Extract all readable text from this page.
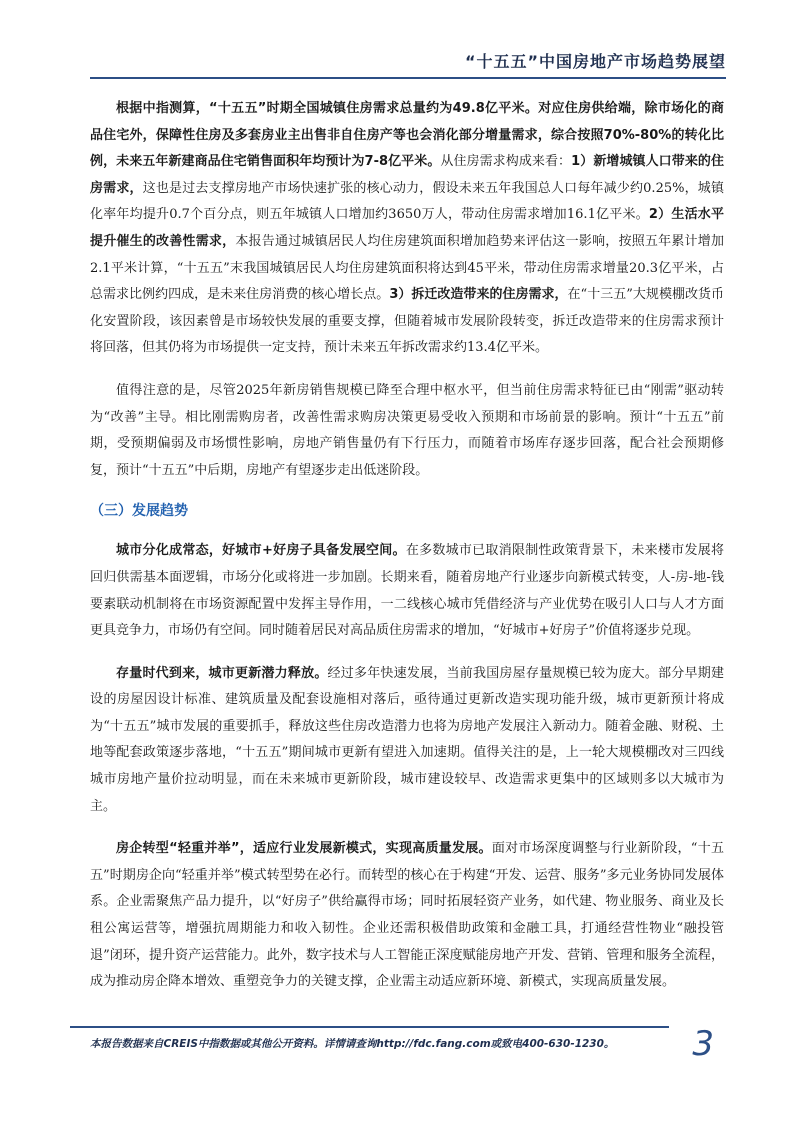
“十五五”中国房地产市场趋势展望

根据中指测算，“十五五”时期全国城镇住房需求总量约为49.8亿平米。对应住房供给端，除市场化的商品住宅外，保障性住房及多套房业主出售非自住房产等也会消化部分增量需求，综合按照70%-80%的转化比例，未来五年新建商品住宅销售面积年均预计为7-8亿平米。从住房需求构成来看：1）新增城镇人口带来的住房需求，这也是过去支撑房地产市场快速扩张的核心动力，假设未来五年我国总人口每年减少约0.25%，城镇化率年均提升0.7个百分点，则五年城镇人口增加约3650万人，带动住房需求增加16.1亿平米。2）生活水平提升催生的改善性需求，本报告通过城镇居民人均住房建筑面积增加趋势来评估这一影响，按照五年累计增加2.1平米计算，“十五五”末我国城镇居民人均住房建筑面积将达到45平米，带动住房需求增量20.3亿平米，占总需求比例约四成，是未来住房消费的核心增长点。3）拆迁改造带来的住房需求，在“十三五”大规模棚改货币化安置阶段，该因素曾是市场较快发展的重要支撑，但随着城市发展阶段转变，拆迁改造带来的住房需求预计将回落，但其仍将为市场提供一定支持，预计未来五年拆改需求约13.4亿平米。

值得注意的是，尽管2025年新房销售规模已降至合理中枢水平，但当前住房需求特征已由“刚需”驱动转为“改善”主导。相比刚需购房者，改善性需求购房决策更易受收入预期和市场前景的影响。预计“十五五”前期，受预期偏弱及市场惯性影响，房地产销售量仍有下行压力，而随着市场库存逐步回落，配合社会预期修复，预计“十五五”中后期，房地产有望逐步走出低迷阶段。

（三）发展趋势

城市分化成常态，好城市+好房子具备发展空间。在多数城市已取消限制性政策背景下，未来楼市发展将回归供需基本面逻辑，市场分化或将进一步加剧。长期来看，随着房地产行业逐步向新模式转变，人-房-地-钱要素联动机制将在市场资源配置中发挥主导作用，一二线核心城市凭借经济与产业优势在吸引人口与人才方面更具竞争力，市场仍有空间。同时随着居民对高品质住房需求的增加，“好城市+好房子”价值将逐步兑现。

存量时代到来，城市更新潜力释放。经过多年快速发展，当前我国房屋存量规模已较为庞大。部分早期建设的房屋因设计标准、建筑质量及配套设施相对落后，亟待通过更新改造实现功能升级，城市更新预计将成为“十五五”城市发展的重要抓手，释放这些住房改造潜力也将为房地产发展注入新动力。随着金融、财税、土地等配套政策逐步落地，“十五五”期间城市更新有望进入加速期。值得关注的是，上一轮大规模棚改对三四线城市房地产量价拉动明显，而在未来城市更新阶段，城市建设较早、改造需求更集中的区域则多以大城市为主。

房企转型“轻重并举”，适应行业发展新模式，实现高质量发展。面对市场深度调整与行业新阶段，“十五五”时期房企向“轻重并举”模式转型势在必行。而转型的核心在于构建“开发、运营、服务”多元业务协同发展体系。企业需聚焦产品力提升，以“好房子”供给赢得市场；同时拓展轻资产业务，如代建、物业服务、商业及长租公寓运营等，增强抗周期能力和收入韧性。企业还需积极借助政策和金融工具，打通经营性物业“融投管退”闭环，提升资产运营能力。此外，数字技术与人工智能正深度赋能房地产开发、营销、管理和服务全流程，成为推动房企降本增效、重塑竞争力的关键支撑，企业需主动适应新环境、新模式，实现高质量发展。

本报告数据来自CREIS中指数据或其他公开资料。详情请查询http://fdc.fang.com或致电400-630-1230。 3
